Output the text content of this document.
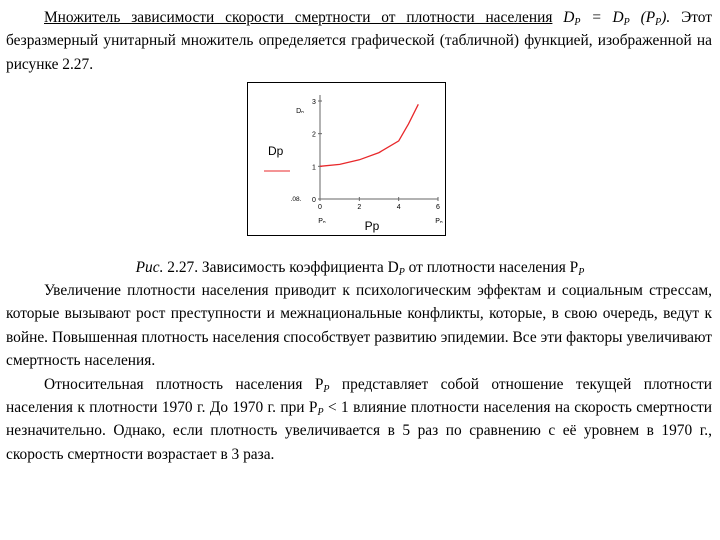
Множитель зависимости скорости смертности от плотности населения $D_P = D_P$ $(P_P)$. Этот безразмерный унитарный множитель определяется графической (табличной) функцией, изображенной на рисунке 2.27.

0
1
2
3
0	2	4	6
Dp
Pp
Dₙ
.08.
Pₙ	Pₙ
Рис. 2.27. Зависимость коэффициента $D_P$ от плотности населения $P_P$

Увеличение плотности населения приводит к психологическим эффектам и социальным стрессам, которые вызывают рост преступности и межнациональные конфликты, которые, в свою очередь, ведут к войне. Повышенная плотность населения способствует развитию эпидемии. Все эти факторы увеличивают смертность населения.

Относительная плотность населения $P_P$ представляет собой отношение текущей плотности населения к плотности 1970 г. До 1970 г. при $P_P < 1$ влияние плотности населения на скорость смертности незначительно. Однако, если плотность увеличивается в 5 раз по сравнению с её уровнем в 1970 г., скорость смертности возрастает в 3 раза.
